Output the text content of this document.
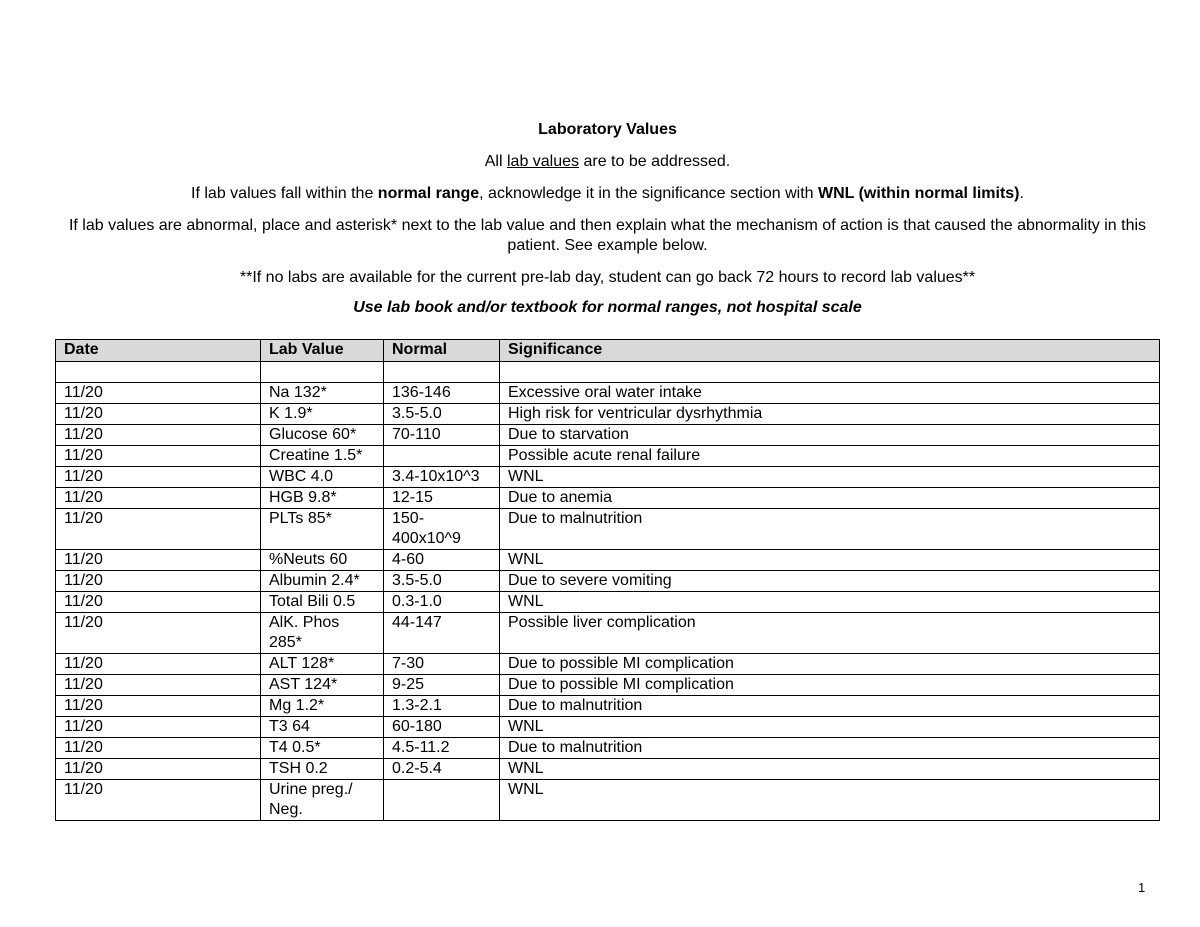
Laboratory Values
All lab values are to be addressed.
If lab values fall within the normal range, acknowledge it in the significance section with WNL (within normal limits).
If lab values are abnormal, place and asterisk* next to the lab value and then explain what the mechanism of action is that caused the abnormality in this patient. See example below.
**If no labs are available for the current pre-lab day, student can go back 72 hours to record lab values**
Use lab book and/or textbook for normal ranges, not hospital scale
Date	Lab Value	Normal	Significance

11/20	Na 132*	136-146	Excessive oral water intake
11/20	K 1.9*	3.5-5.0	High risk for ventricular dysrhythmia
11/20	Glucose 60*	70-110	Due to starvation
11/20	Creatine 1.5*		Possible acute renal failure
11/20	WBC 4.0	3.4-10x10^3	WNL
11/20	HGB 9.8*	12-15	Due to anemia
11/20	PLTs 85*	150-400x10^9	Due to malnutrition
11/20	%Neuts 60	4-60	WNL
11/20	Albumin 2.4*	3.5-5.0	Due to severe vomiting
11/20	Total Bili 0.5	0.3-1.0	WNL
11/20	AlK. Phos 285*	44-147	Possible liver complication
11/20	ALT 128*	7-30	Due to possible MI complication
11/20	AST 124*	9-25	Due to possible MI complication
11/20	Mg 1.2*	1.3-2.1	Due to malnutrition
11/20	T3 64	60-180	WNL
11/20	T4 0.5*	4.5-11.2	Due to malnutrition
11/20	TSH 0.2	0.2-5.4	WNL
11/20	Urine preg./ Neg.		WNL
1
